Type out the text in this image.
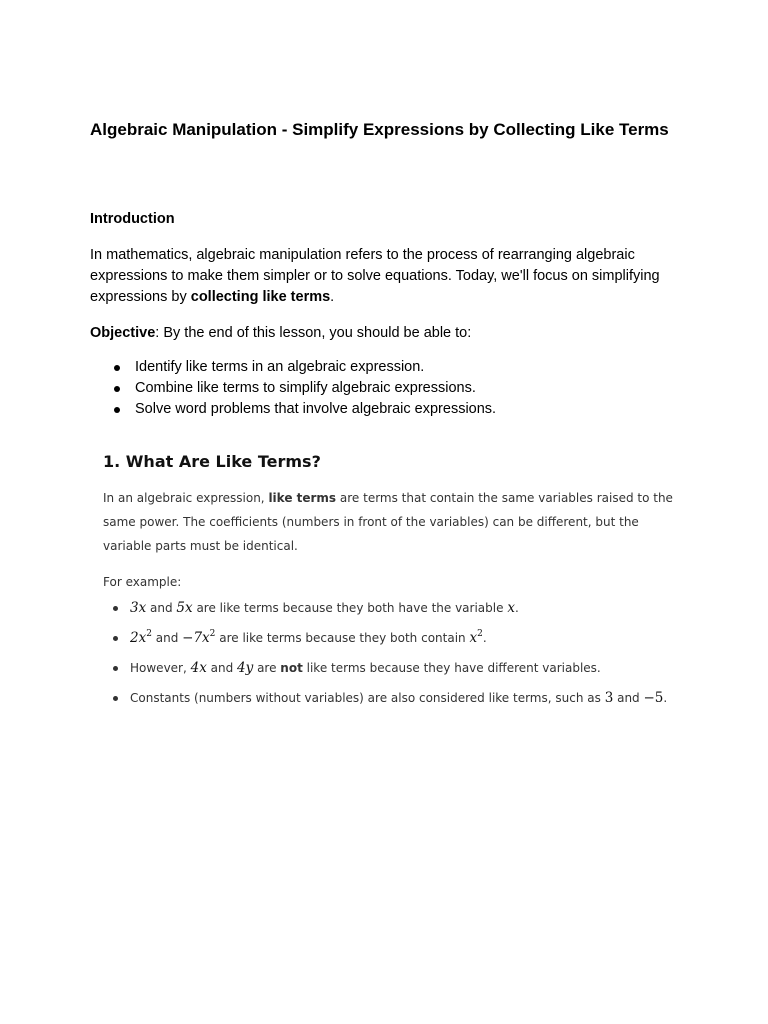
Algebraic Manipulation - Simplify Expressions by Collecting Like Terms
Introduction

In mathematics, algebraic manipulation refers to the process of rearranging algebraic expressions to make them simpler or to solve equations. Today, we'll focus on simplifying expressions by collecting like terms.

Objective: By the end of this lesson, you should be able to:

Identify like terms in an algebraic expression.
Combine like terms to simplify algebraic expressions.
Solve word problems that involve algebraic expressions.
1. What Are Like Terms?

In an algebraic expression, like terms are terms that contain the same variables raised to the same power. The coefficients (numbers in front of the variables) can be different, but the variable parts must be identical.

For example:

3x and 5x are like terms because they both have the variable x.
$2x^2$ and $-7x^2$ are like terms because they both contain $x^2$.
However, 4x and 4y are not like terms because they have different variables.
Constants (numbers without variables) are also considered like terms, such as 3 and −5.
